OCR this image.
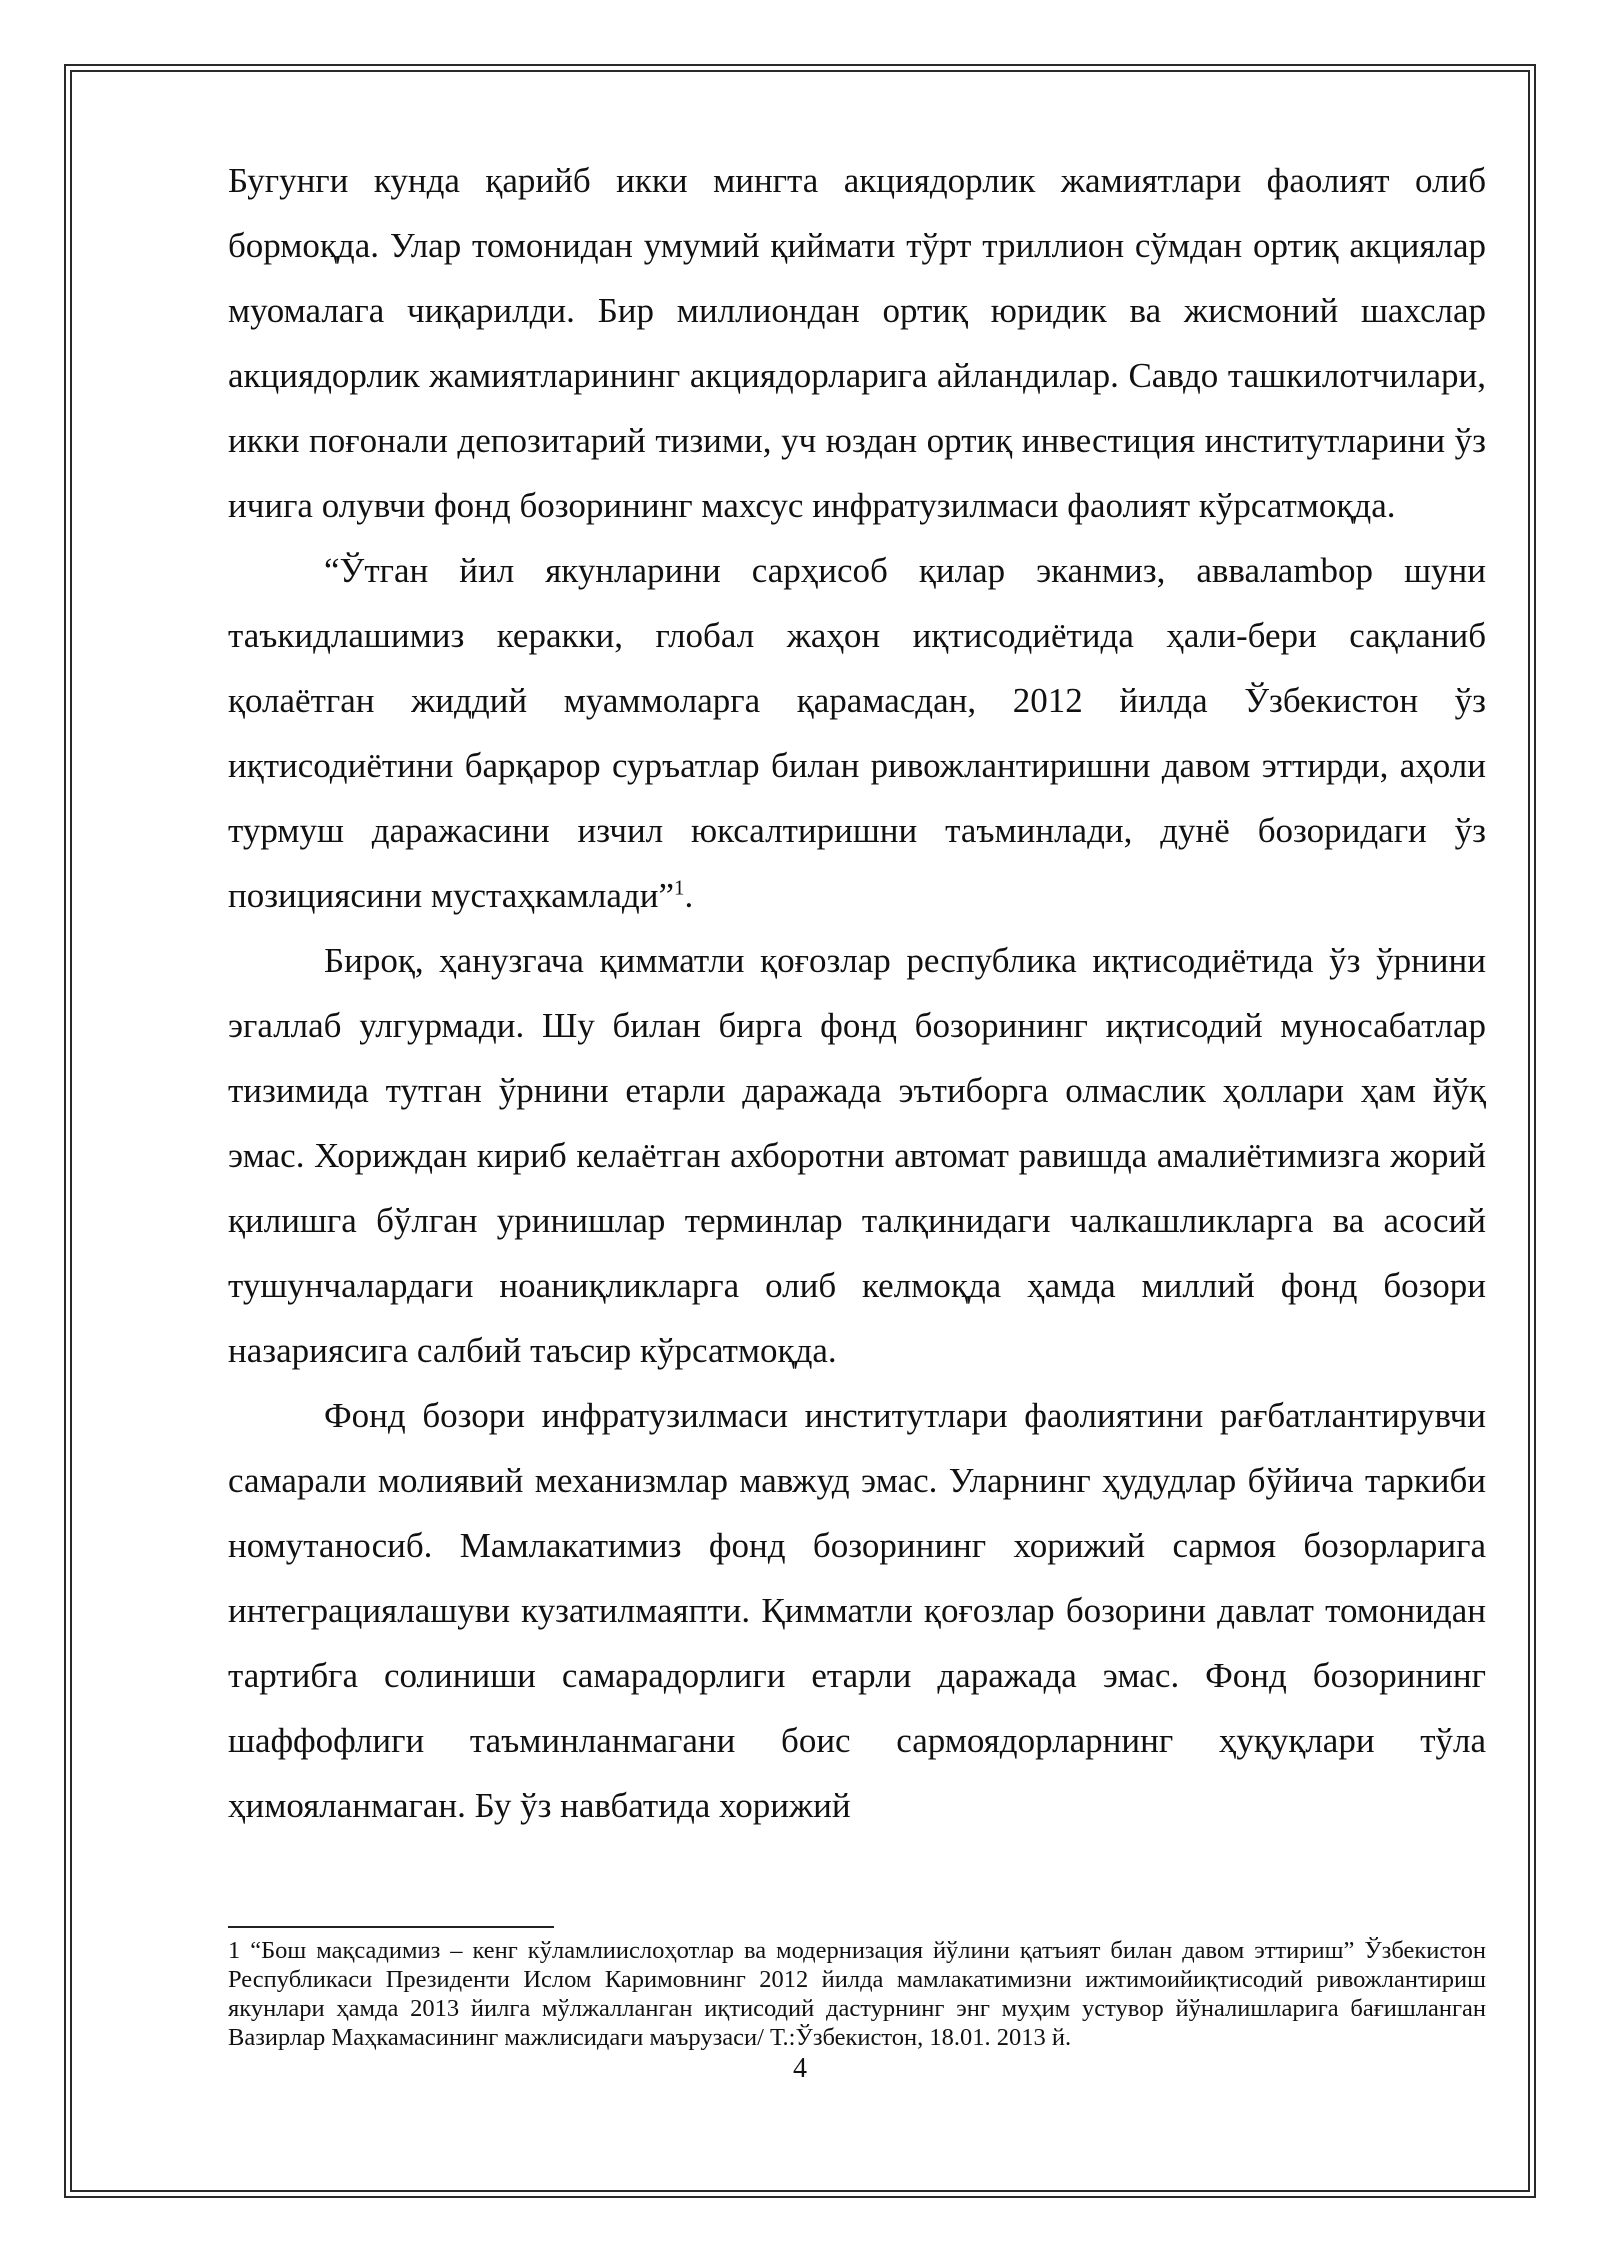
Бугунги кунда қарийб икки мингта акциядорлик жамиятлари фаолият олиб бормоқда. Улар томонидан умумий қиймати тўрт триллион сўмдан ортиқ акциялар муомалага чиқарилди. Бир миллиондан ортиқ юридик ва жисмоний шахслар акциядорлик жамиятларининг акциядорларига айландилар. Савдо ташкилотчилари, икки поғонали депозитарий тизими, уч юздан ортиқ инвестиция институтларини ўз ичига олувчи фонд бозорининг махсус инфратузилмаси фаолият кўрсатмоқда.

“Ўтган йил якунларини сарҳисоб қилар эканмиз, аввалambор шуни таъкидлашимиз керакки, глобал жаҳон иқтисодиётида ҳали-бери сақланиб қолаётган жиддий муаммоларга қарамасдан, 2012 йилда Ўзбекистон ўз иқтисодиётини барқарор суръатлар билан ривожлантиришни давом эттирди, аҳоли турмуш даражасини изчил юксалтиришни таъминлади, дунё бозоридаги ўз позициясини мустаҳкамлади”$^1$.

Бироқ, ҳанузгача қимматли қоғозлар республика иқтисодиётида ўз ўрнини эгаллаб улгурмади. Шу билан бирга фонд бозорининг иқтисодий муносабатлар тизимида тутган ўрнини етарли даражада эътиборга олмаслик ҳоллари ҳам йўқ эмас. Хориждан кириб келаётган ахборотни автомат равишда амалиётимизга жорий қилишга бўлган уринишлар терминлар талқинидаги чалкашликларга ва асосий тушунчалардаги ноаниқликларга олиб келмоқда ҳамда миллий фонд бозори назариясига салбий таъсир кўрсатмоқда.

Фонд бозори инфратузилмаси институтлари фаолиятини рағбатлантирувчи самарали молиявий механизмлар мавжуд эмас. Уларнинг ҳудудлар бўйича таркиби номутаносиб. Мамлакатимиз фонд бозорининг хорижий сармоя бозорларига интеграциялашуви кузатилмаяпти. Қимматли қоғозлар бозорини давлат томонидан тартибга солиниши самарадорлиги етарли даражада эмас. Фонд бозорининг шаффофлиги таъминланмагани боис сармоядорларнинг ҳуқуқлари тўла ҳимояланмаган. Бу ўз навбатида хорижий

1 “Бош мақсадимиз – кенг кўламлиислоҳотлар ва модернизация йўлини қатъият билан давом эттириш” Ўзбекистон Республикаси Президенти Ислом Каримовнинг 2012 йилда мамлакатимизни ижтимоийиқтисодий ривожлантириш якунлари ҳамда 2013 йилга мўлжалланган иқтисодий дастурнинг энг муҳим устувор йўналишларига бағишланган Вазирлар Маҳкамасининг мажлисидаги маърузаси/ Т.:Ўзбекистон, 18.01. 2013 й.

4
